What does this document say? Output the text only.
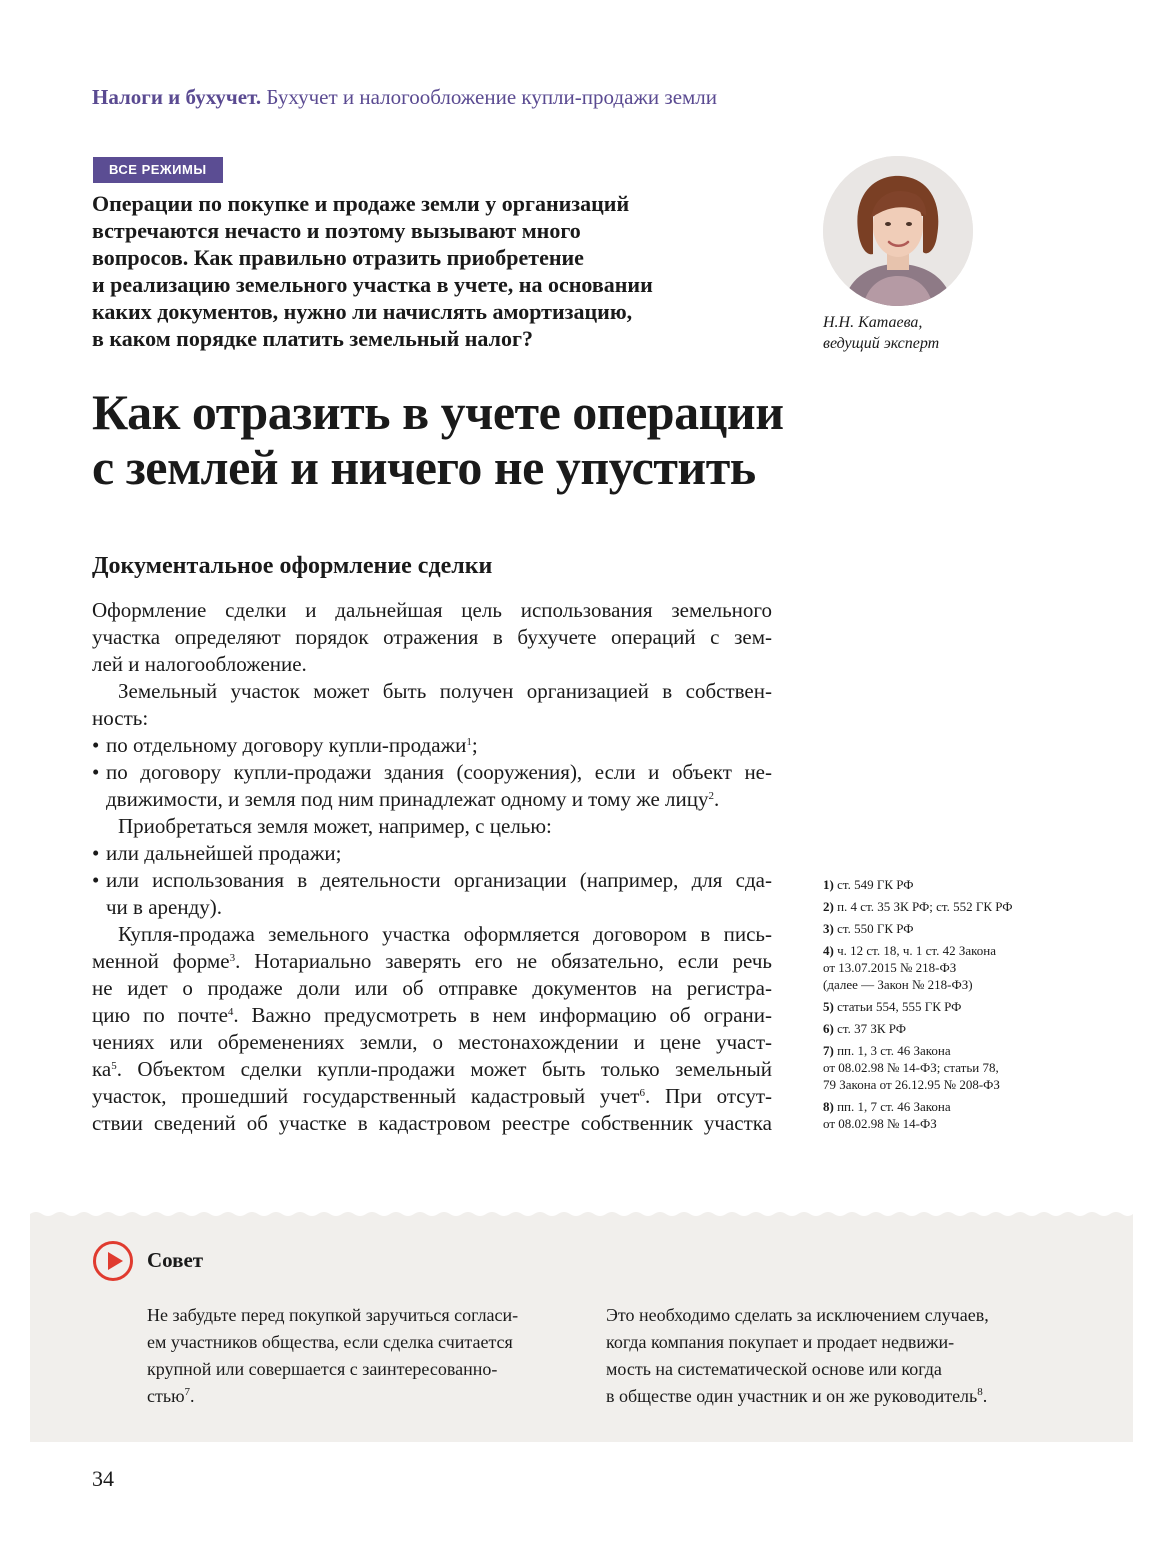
Налоги и бухучет. Бухучет и налогообложение купли-продажи земли
ВСЕ РЕЖИМЫ
Операции по покупке и продаже земли у организаций
встречаются нечасто и поэтому вызывают много
вопросов. Как правильно отразить приобретение
и реализацию земельного участка в учете, на основании
каких документов, нужно ли начислять амортизацию,
в каком порядке платить земельный налог?
Н.Н. Катаева,
ведущий эксперт
Как отразить в учете операции
с землей и ничего не упустить
Документальное оформление сделки
Оформление сделки и дальнейшая цель использования земельного
участка определяют порядок отражения в бухучете операций с зем-
лей и налогообложение.
Земельный участок может быть получен организацией в собствен-
ность:
• по отдельному договору купли-продажи$^1$;
• по договору купли-продажи здания (сооружения), если и объект не-
движимости, и земля под ним принадлежат одному и тому же лицу$^2$.
Приобретаться земля может, например, с целью:
• или дальнейшей продажи;
• или использования в деятельности организации (например, для сда-
чи в аренду).
Купля-продажа земельного участка оформляется договором в пись-
менной форме$^3$. Нотариально заверять его не обязательно, если речь
не идет о продаже доли или об отправке документов на регистра-
цию по почте$^4$. Важно предусмотреть в нем информацию об ограни-
чениях или обременениях земли, о местонахождении и цене участ-
$ка^5$. Объектом сделки купли-продажи может быть только земельный
участок, прошедший государственный кадастровый учет$^6$. При отсут-
ствии сведений об участке в кадастровом реестре собственник участка
1) ст. 549 ГК РФ
2) п. 4 ст. 35 ЗК РФ; ст. 552 ГК РФ
3) ст. 550 ГК РФ
4) ч. 12 ст. 18, ч. 1 ст. 42 Закона
от 13.07.2015 № 218-ФЗ
(далее — Закон № 218-ФЗ)
5) статьи 554, 555 ГК РФ
6) ст. 37 ЗК РФ
7) пп. 1, 3 ст. 46 Закона
от 08.02.98 № 14-ФЗ; статьи 78,
79 Закона от 26.12.95 № 208-ФЗ
8) пп. 1, 7 ст. 46 Закона
от 08.02.98 № 14-ФЗ
Совет
Не забудьте перед покупкой заручиться согласи-
ем участников общества, если сделка считается
крупной или совершается с заинтересованно-
стью$^7$.
Это необходимо сделать за исключением случаев,
когда компания покупает и продает недвижи-
мость на систематической основе или когда
в обществе один участник и он же руководитель$^8$.
34
